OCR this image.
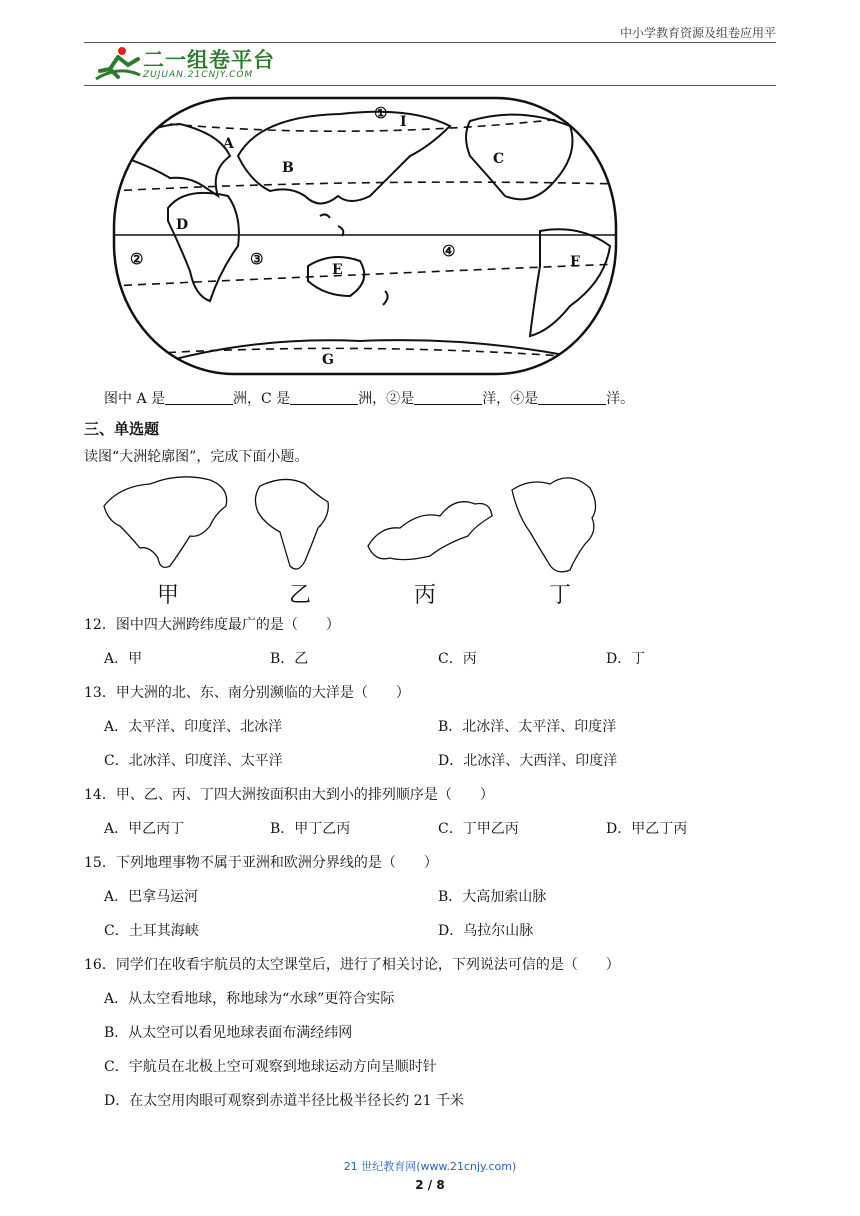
中小学教育资源及组卷应用平
二一组卷平台
ZUJUAN.21CNJY.COM
A
B
C
D
E	F
G
I
①
②	③	④
图中 A 是	洲，C 是	洲，②是	洋，④是	洋。
三、单选题
读图“大洲轮廓图”，完成下面小题。
甲	乙	丙	丁
12．图中四大洲跨纬度最广的是（　　）
A．甲	B．乙	C．丙	D．丁
13．甲大洲的北、东、南分别濒临的大洋是（　　）
A．太平洋、印度洋、北冰洋	B．北冰洋、太平洋、印度洋
C．北冰洋、印度洋、太平洋	D．北冰洋、大西洋、印度洋
14．甲、乙、丙、丁四大洲按面积由大到小的排列顺序是（　　）
A．甲乙丙丁	B．甲丁乙丙	C．丁甲乙丙	D．甲乙丁丙
15．下列地理事物不属于亚洲和欧洲分界线的是（　　）
A．巴拿马运河	B．大高加索山脉
C．土耳其海峡	D．乌拉尔山脉
16．同学们在收看宇航员的太空课堂后，进行了相关讨论，下列说法可信的是（　　）
A．从太空看地球，称地球为“水球”更符合实际
B．从太空可以看见地球表面布满经纬网
C．宇航员在北极上空可观察到地球运动方向呈顺时针
D．在太空用肉眼可观察到赤道半径比极半径长约 21 千米
21 世纪教育网(www.21cnjy.com)
2 / 8
